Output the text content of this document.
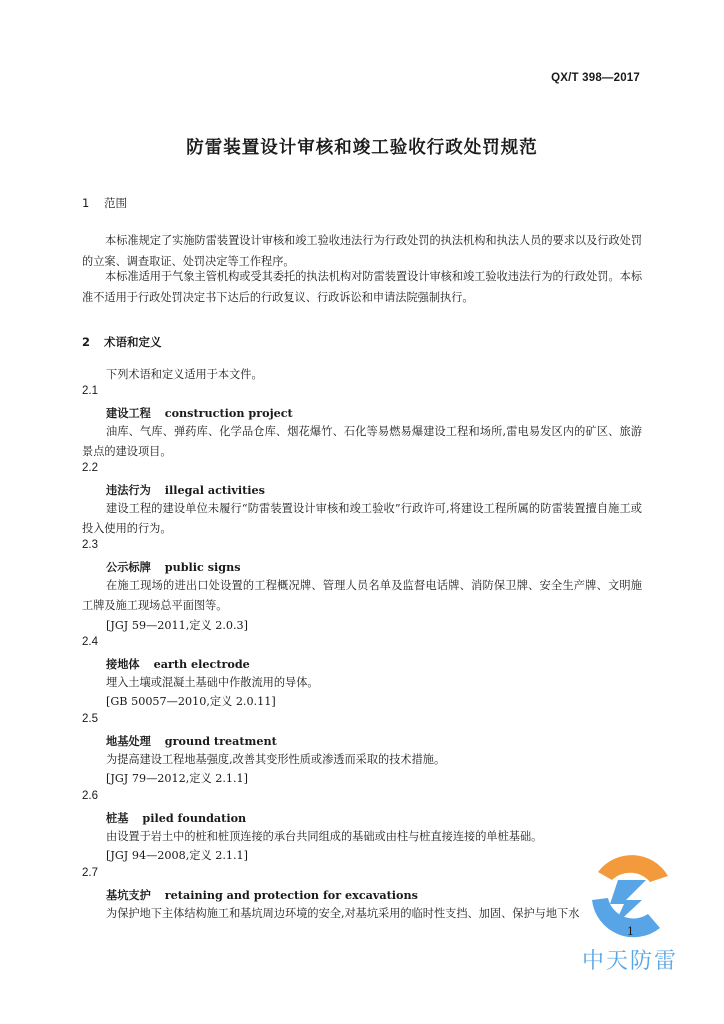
QX/T 398—2017
防雷装置设计审核和竣工验收行政处罚规范
1 范围
本标准规定了实施防雷装置设计审核和竣工验收违法行为行政处罚的执法机构和执法人员的要求以及行政处罚的立案、调查取证、处罚决定等工作程序。
本标准适用于气象主管机构或受其委托的执法机构对防雷装置设计审核和竣工验收违法行为的行政处罚。本标准不适用于行政处罚决定书下达后的行政复议、行政诉讼和申请法院强制执行。
2 术语和定义
下列术语和定义适用于本文件。
2.1
建设工程 construction project
油库、气库、弹药库、化学品仓库、烟花爆竹、石化等易燃易爆建设工程和场所,雷电易发区内的矿区、旅游景点的建设项目。
2.2
违法行为 illegal activities
建设工程的建设单位未履行“防雷装置设计审核和竣工验收”行政许可,将建设工程所属的防雷装置擅自施工或投入使用的行为。
2.3
公示标牌 public signs
在施工现场的进出口处设置的工程概况牌、管理人员名单及监督电话牌、消防保卫牌、安全生产牌、文明施工牌及施工现场总平面图等。
[JGJ 59—2011,定义 2.0.3]
2.4
接地体 earth electrode
埋入土壤或混凝土基础中作散流用的导体。
[GB 50057—2010,定义 2.0.11]
2.5
地基处理 ground treatment
为提高建设工程地基强度,改善其变形性质或渗透而采取的技术措施。
[JGJ 79—2012,定义 2.1.1]
2.6
桩基 piled foundation
由设置于岩土中的桩和桩顶连接的承台共同组成的基础或由柱与桩直接连接的单桩基础。
[JGJ 94—2008,定义 2.1.1]
2.7
基坑支护 retaining and protection for excavations
为保护地下主体结构施工和基坑周边环境的安全,对基坑采用的临时性支挡、加固、保护与地下水
中天防雷
1
